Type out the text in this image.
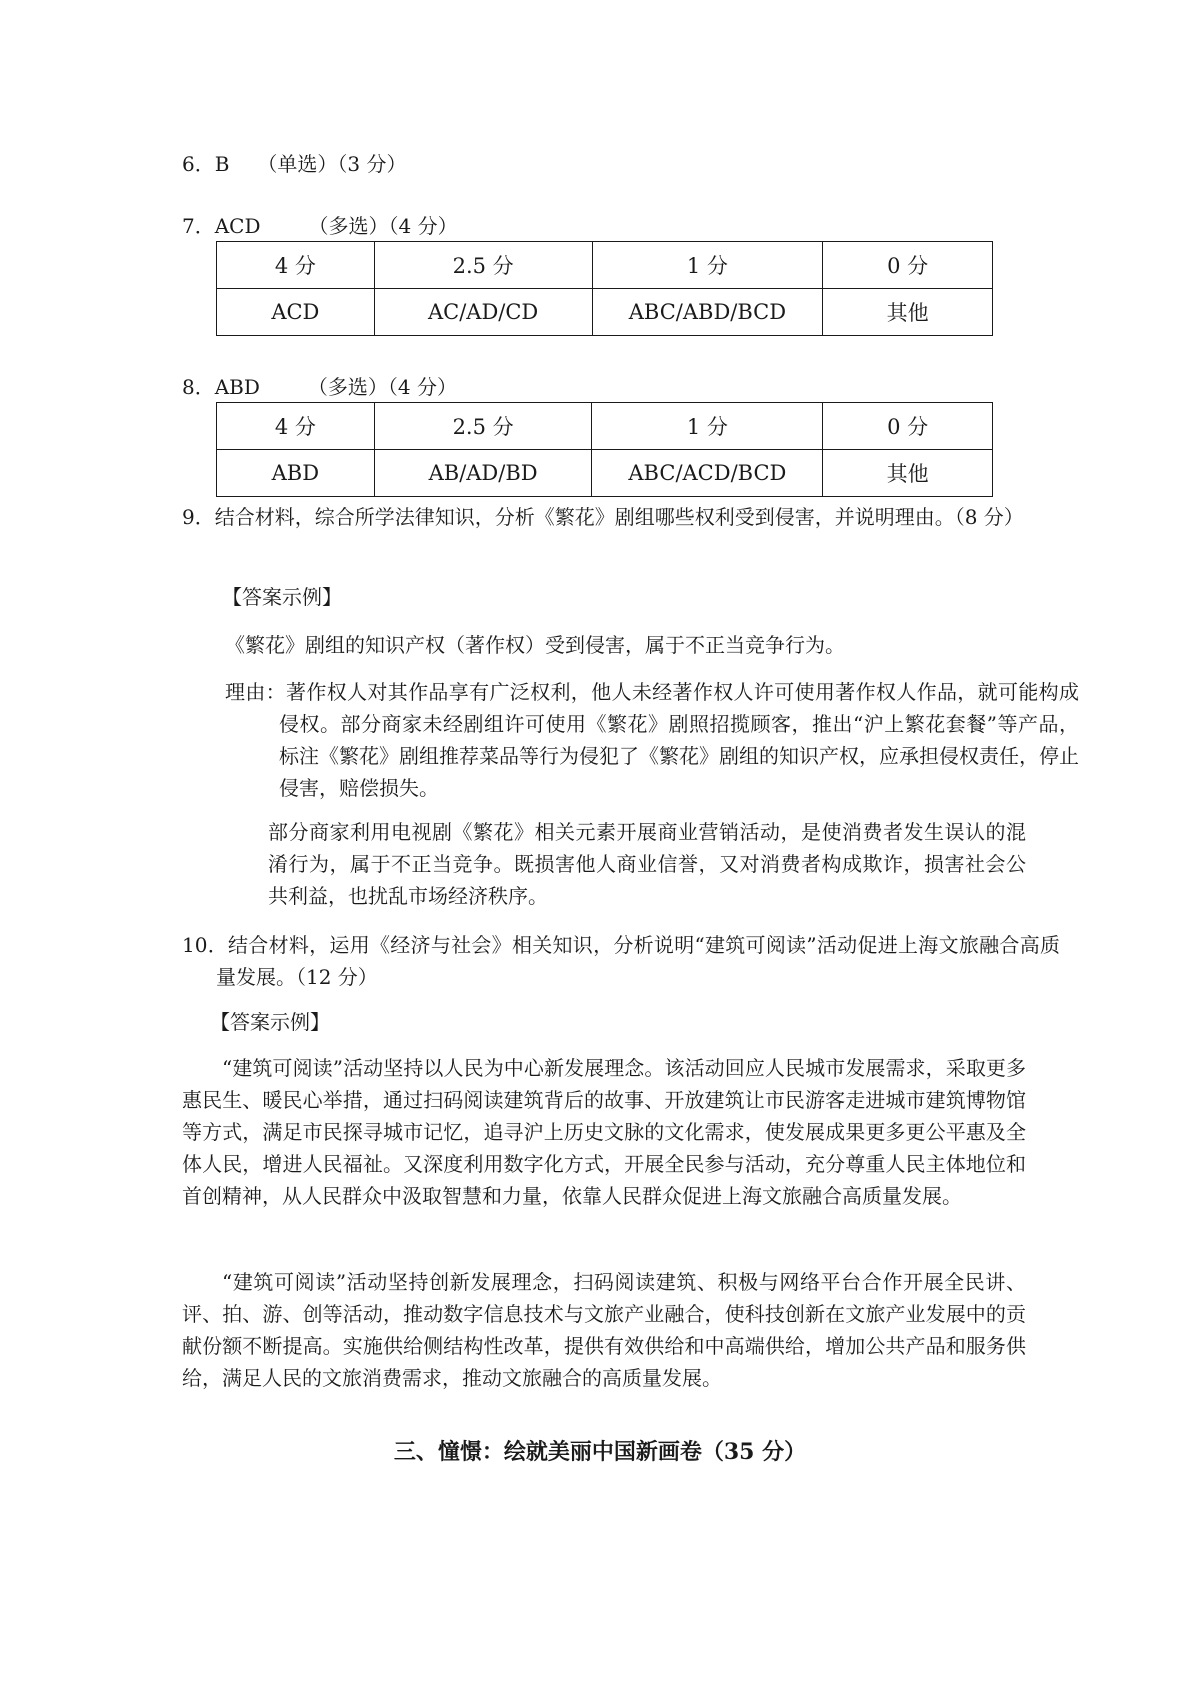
6．B （单选）（3 分）
7．ACD （多选）（4 分）
4 分	2.5 分	1 分	0 分
ACD	AC/AD/CD	ABC/ABD/BCD	其他
8．ABD （多选）（4 分）
4 分	2.5 分	1 分	0 分
ABD	AB/AD/BD	ABC/ACD/BCD	其他
9．结合材料，综合所学法律知识，分析《繁花》剧组哪些权利受到侵害，并说明理由。（8 分）
【答案示例】
《繁花》剧组的知识产权（著作权）受到侵害，属于不正当竞争行为。
理由：著作权人对其作品享有广泛权利，他人未经著作权人许可使用著作权人作品，就可能构成侵权。部分商家未经剧组许可使用《繁花》剧照招揽顾客，推出“沪上繁花套餐”等产品，标注《繁花》剧组推荐菜品等行为侵犯了《繁花》剧组的知识产权，应承担侵权责任，停止侵害，赔偿损失。
部分商家利用电视剧《繁花》相关元素开展商业营销活动，是使消费者发生误认的混淆行为，属于不正当竞争。既损害他人商业信誉，又对消费者构成欺诈，损害社会公共利益，也扰乱市场经济秩序。
10．结合材料，运用《经济与社会》相关知识，分析说明“建筑可阅读”活动促进上海文旅融合高质量发展。（12 分）
【答案示例】
“建筑可阅读”活动坚持以人民为中心新发展理念。该活动回应人民城市发展需求，采取更多惠民生、暖民心举措，通过扫码阅读建筑背后的故事、开放建筑让市民游客走进城市建筑博物馆等方式，满足市民探寻城市记忆，追寻沪上历史文脉的文化需求，使发展成果更多更公平惠及全体人民，增进人民福祉。又深度利用数字化方式，开展全民参与活动，充分尊重人民主体地位和首创精神，从人民群众中汲取智慧和力量，依靠人民群众促进上海文旅融合高质量发展。
“建筑可阅读”活动坚持创新发展理念，扫码阅读建筑、积极与网络平台合作开展全民讲、评、拍、游、创等活动，推动数字信息技术与文旅产业融合，使科技创新在文旅产业发展中的贡献份额不断提高。实施供给侧结构性改革，提供有效供给和中高端供给，增加公共产品和服务供给，满足人民的文旅消费需求，推动文旅融合的高质量发展。
三、憧憬：绘就美丽中国新画卷（35 分）
